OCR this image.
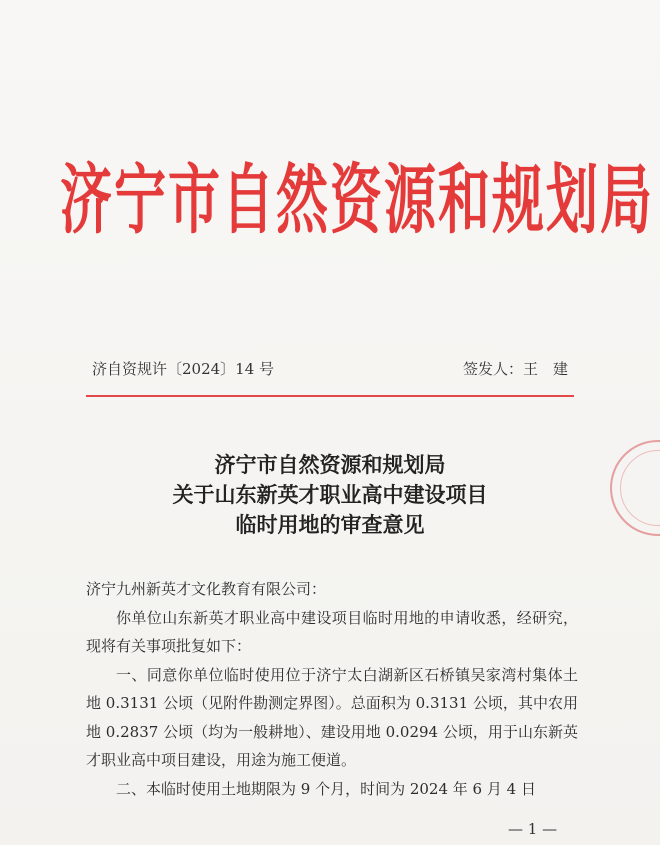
济宁市自然资源和规划局
济自资规许〔2024〕14 号	签发人：王　建
济宁市自然资源和规划局
关于山东新英才职业高中建设项目
临时用地的审查意见

济宁九州新英才文化教育有限公司：

你单位山东新英才职业高中建设项目临时用地的申请收悉，经研究，现将有关事项批复如下：

一、同意你单位临时使用位于济宁太白湖新区石桥镇吴家湾村集体土地 0.3131 公顷（见附件勘测定界图）。总面积为 0.3131 公顷，其中农用地 0.2837 公顷（均为一般耕地）、建设用地 0.0294 公顷，用于山东新英才职业高中项目建设，用途为施工便道。

二、本临时使用土地期限为 9 个月，时间为 2024 年 6 月 4 日

— 1 —
